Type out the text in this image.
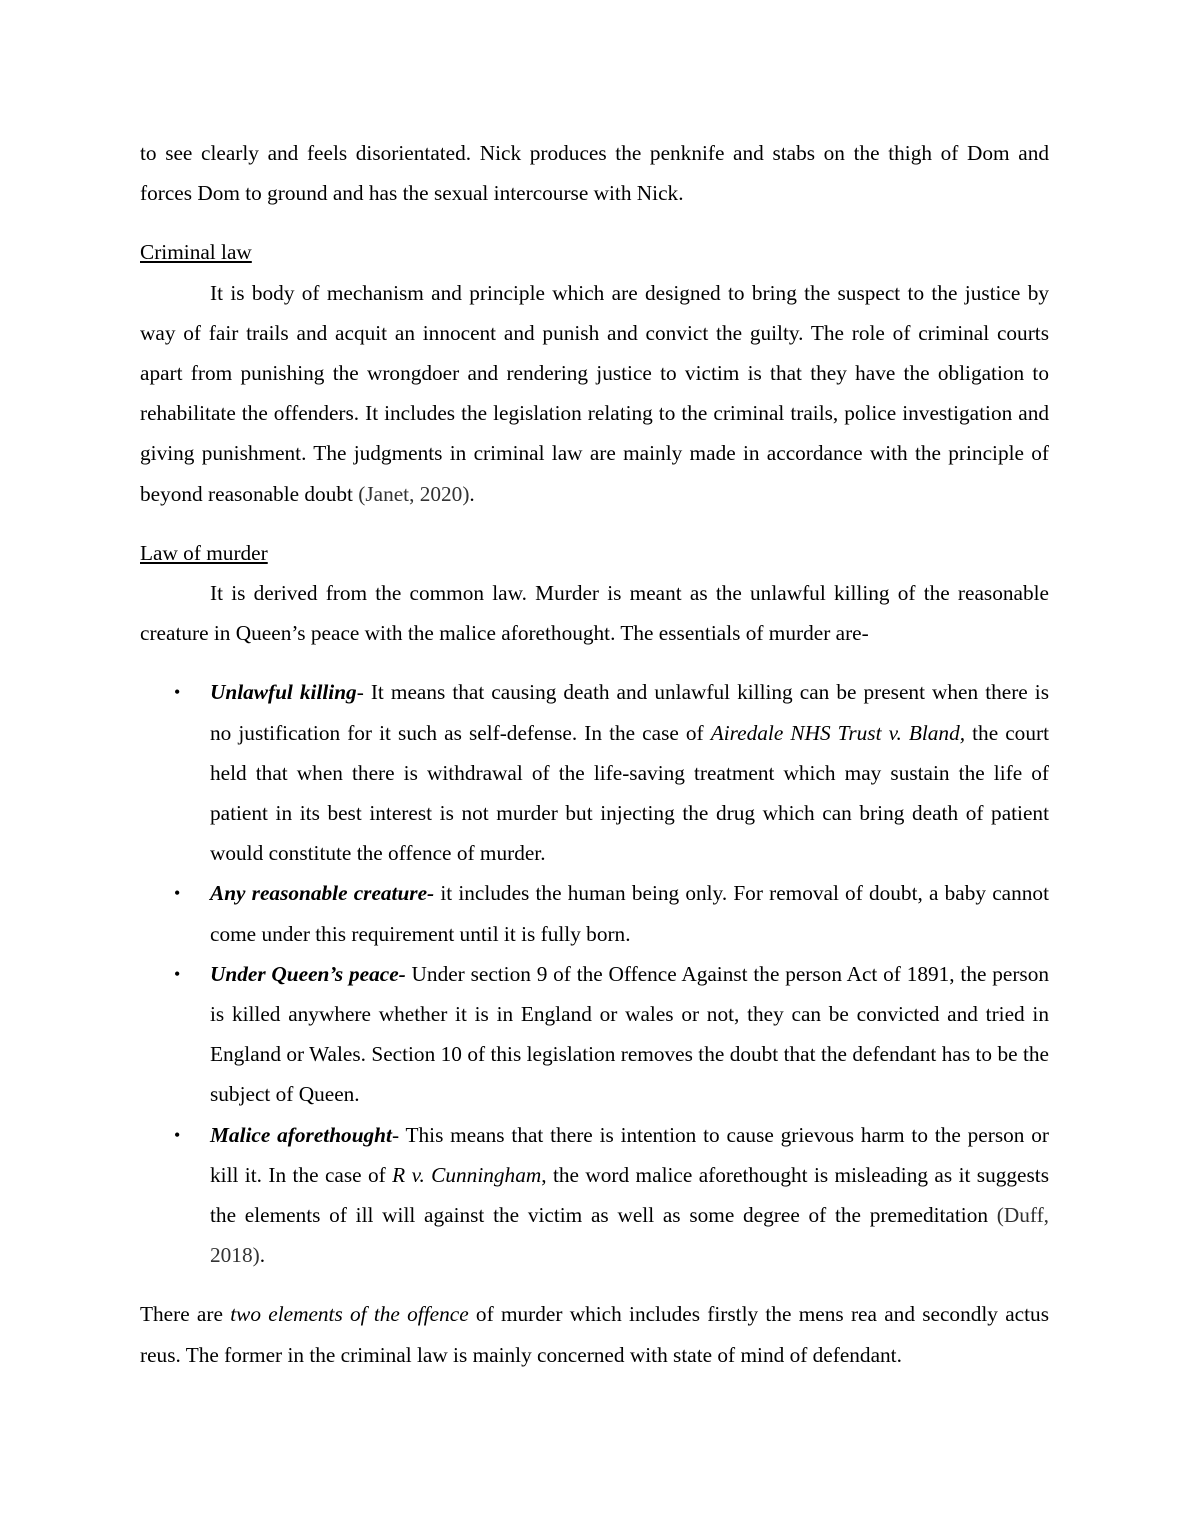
to see clearly and feels disorientated. Nick produces the penknife and stabs on the thigh of Dom and forces Dom to ground and has the sexual intercourse with Nick.

Criminal law

It is body of mechanism and principle which are designed to bring the suspect to the justice by way of fair trails and acquit an innocent and punish and convict the guilty. The role of criminal courts apart from punishing the wrongdoer and rendering justice to victim is that they have the obligation to rehabilitate the offenders. It includes the legislation relating to the criminal trails, police investigation and giving punishment. The judgments in criminal law are mainly made in accordance with the principle of beyond reasonable doubt (Janet, 2020).

Law of murder

It is derived from the common law. Murder is meant as the unlawful killing of the reasonable creature in Queen’s peace with the malice aforethought. The essentials of murder are-

• Unlawful killing- It means that causing death and unlawful killing can be present when there is no justification for it such as self-defense. In the case of Airedale NHS Trust v. Bland, the court held that when there is withdrawal of the life-saving treatment which may sustain the life of patient in its best interest is not murder but injecting the drug which can bring death of patient would constitute the offence of murder.
• Any reasonable creature- it includes the human being only. For removal of doubt, a baby cannot come under this requirement until it is fully born.
• Under Queen’s peace- Under section 9 of the Offence Against the person Act of 1891, the person is killed anywhere whether it is in England or wales or not, they can be convicted and tried in England or Wales. Section 10 of this legislation removes the doubt that the defendant has to be the subject of Queen.
• Malice aforethought- This means that there is intention to cause grievous harm to the person or kill it. In the case of R v. Cunningham, the word malice aforethought is misleading as it suggests the elements of ill will against the victim as well as some degree of the premeditation (Duff, 2018).

There are two elements of the offence of murder which includes firstly the mens rea and secondly actus reus. The former in the criminal law is mainly concerned with state of mind of defendant.
